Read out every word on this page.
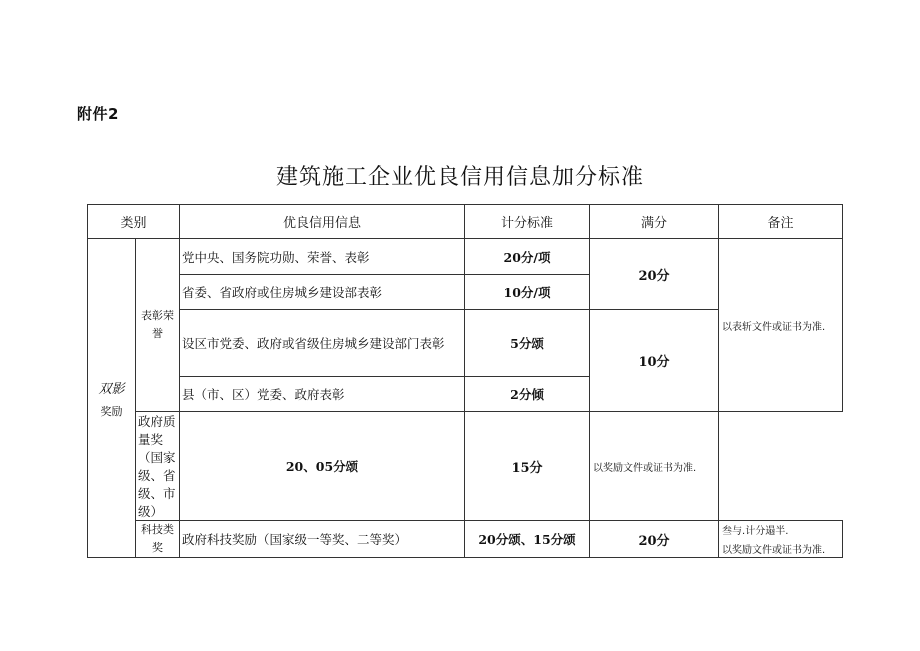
附件2
建筑施工企业优良信用信息加分标准
类别		优良信用信息	计分标准	满分	备注

双影
奖励	表彰荣誉	党中央、国务院功勋、荣誉、表彰	20分/项	20分	以表斩文件或证书为准.
		省委、省政府或住房城乡建设部表彰	10分/项		
		设区市党委、政府或省级住房城乡建设部门表彰	5分颂	10分	
		县（市、区）党委、政府表彰	2分倾		
	政府质量奖（国家级、省级、市级）	20、05分颂	15分	以奖励文件或证书为准.	
	科技类奖	政府科技奖励（国家级一等奖、二等奖）	20分颂、15分颂	20分	叁与.计分遢半.
以奖励文件或证书为准.
